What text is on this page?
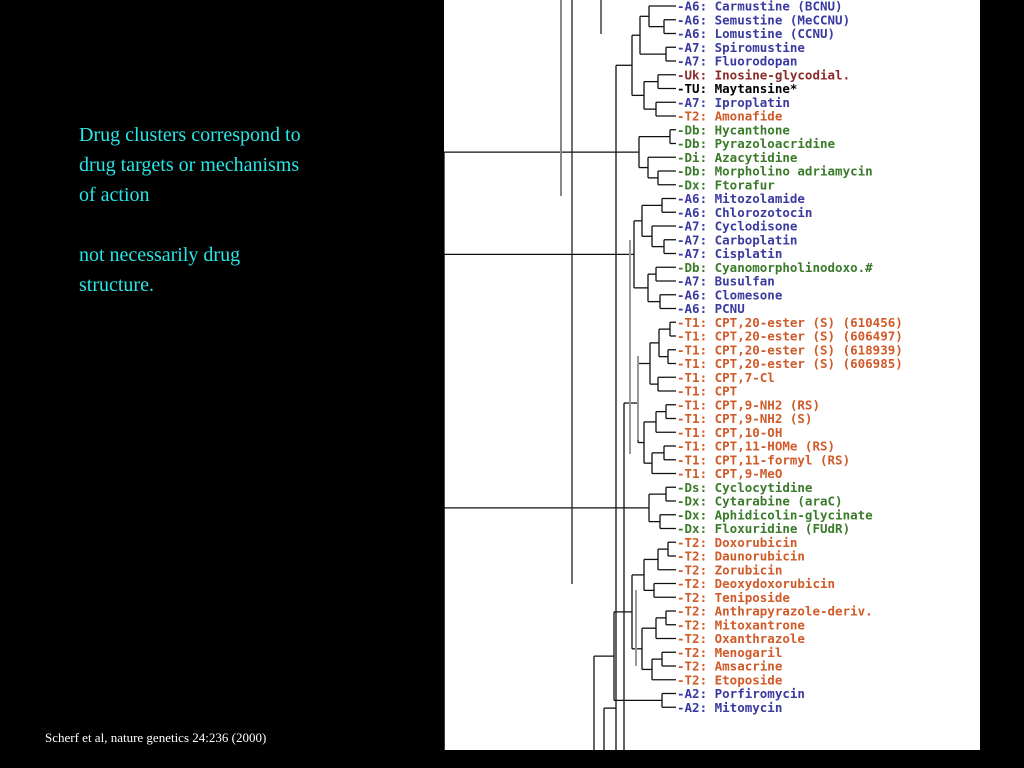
Drug clusters correspond to
drug targets or mechanisms
of action

not necessarily drug
structure.

Scherf et al, nature genetics 24:236 (2000)
-A6: Carmustine (BCNU)
-A6: Semustine (MeCCNU)
-A6: Lomustine (CCNU)
-A7: Spiromustine
-A7: Fluorodopan
-Uk: Inosine-glycodial.
-TU: Maytansine*
-A7: Iproplatin
-T2: Amonafide
-Db: Hycanthone
-Db: Pyrazoloacridine
-Di: Azacytidine
-Db: Morpholino adriamycin
-Dx: Ftorafur
-A6: Mitozolamide
-A6: Chlorozotocin
-A7: Cyclodisone
-A7: Carboplatin
-A7: Cisplatin
-Db: Cyanomorpholinodoxo.#
-A7: Busulfan
-A6: Clomesone
-A6: PCNU
-T1: CPT,20-ester (S) (610456)
-T1: CPT,20-ester (S) (606497)
-T1: CPT,20-ester (S) (618939)
-T1: CPT,20-ester (S) (606985)
-T1: CPT,7-Cl
-T1: CPT
-T1: CPT,9-NH2 (RS)
-T1: CPT,9-NH2 (S)
-T1: CPT,10-OH
-T1: CPT,11-HOMe (RS)
-T1: CPT,11-formyl (RS)
-T1: CPT,9-MeO
-Ds: Cyclocytidine
-Dx: Cytarabine (araC)
-Dx: Aphidicolin-glycinate
-Dx: Floxuridine (FUdR)
-T2: Doxorubicin
-T2: Daunorubicin
-T2: Zorubicin
-T2: Deoxydoxorubicin
-T2: Teniposide
-T2: Anthrapyrazole-deriv.
-T2: Mitoxantrone
-T2: Oxanthrazole
-T2: Menogaril
-T2: Amsacrine
-T2: Etoposide
-A2: Porfiromycin
-A2: Mitomycin
